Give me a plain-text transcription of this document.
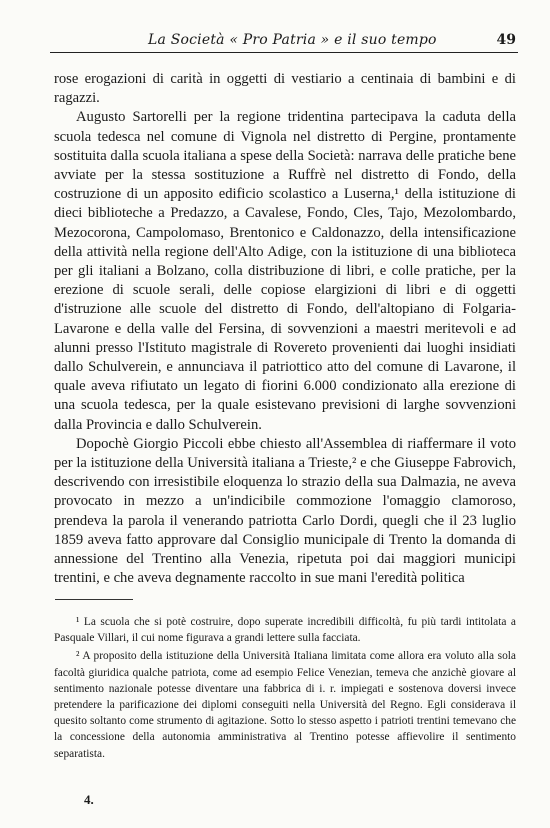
La Società « Pro Patria » e il suo tempo	49

rose erogazioni di carità in oggetti di vestiario a centinaia di bambini e di ragazzi.

Augusto Sartorelli per la regione tridentina partecipava la caduta della scuola tedesca nel comune di Vignola nel distretto di Pergine, prontamente sostituita dalla scuola italiana a spese della Società: narrava delle pratiche bene avviate per la stessa sostituzione a Ruffrè nel distretto di Fondo, della costruzione di un apposito edificio scolastico a Luserna,¹ della istituzione di dieci biblioteche a Predazzo, a Cavalese, Fondo, Cles, Tajo, Mezolombardo, Mezocorona, Campolomaso, Brentonico e Caldonazzo, della intensificazione della attività nella regione dell'Alto Adige, con la istituzione di una biblioteca per gli italiani a Bolzano, colla distribuzione di libri, e colle pratiche, per la erezione di scuole serali, delle copiose elargizioni di libri e di oggetti d'istruzione alle scuole del distretto di Fondo, dell'altopiano di Folgaria-Lavarone e della valle del Fersina, di sovvenzioni a maestri meritevoli e ad alunni presso l'Istituto magistrale di Rovereto provenienti dai luoghi insidiati dallo Schulverein, e annunciava il patriottico atto del comune di Lavarone, il quale aveva rifiutato un legato di fiorini 6.000 condizionato alla erezione di una scuola tedesca, per la quale esistevano previsioni di larghe sovvenzioni dalla Provincia e dallo Schulverein.

Dopochè Giorgio Piccoli ebbe chiesto all'Assemblea di riaffermare il voto per la istituzione della Università italiana a Trieste,² e che Giuseppe Fabrovich, descrivendo con irresistibile eloquenza lo strazio della sua Dalmazia, ne aveva provocato in mezzo a un'indicibile commozione l'omaggio clamoroso, prendeva la parola il venerando patriotta Carlo Dordi, quegli che il 23 luglio 1859 aveva fatto approvare dal Consiglio municipale di Trento la domanda di annessione del Trentino alla Venezia, ripetuta poi dai maggiori municipi trentini, e che aveva degnamente raccolto in sue mani l'eredità politica

¹ La scuola che si potè costruire, dopo superate incredibili difficoltà, fu più tardi intitolata a Pasquale Villari, il cui nome figurava a grandi lettere sulla facciata.

² A proposito della istituzione della Università Italiana limitata come allora era voluto alla sola facoltà giuridica qualche patriota, come ad esempio Felice Venezian, temeva che anzichè giovare al sentimento nazionale potesse diventare una fabbrica di i. r. impiegati e sostenova doversi invece pretendere la parificazione dei diplomi conseguiti nella Università del Regno. Egli considerava il quesito soltanto come strumento di agitazione. Sotto lo stesso aspetto i patrioti trentini temevano che la concessione della autonomia amministrativa al Trentino potesse affievolire il sentimento separatista.

4.
